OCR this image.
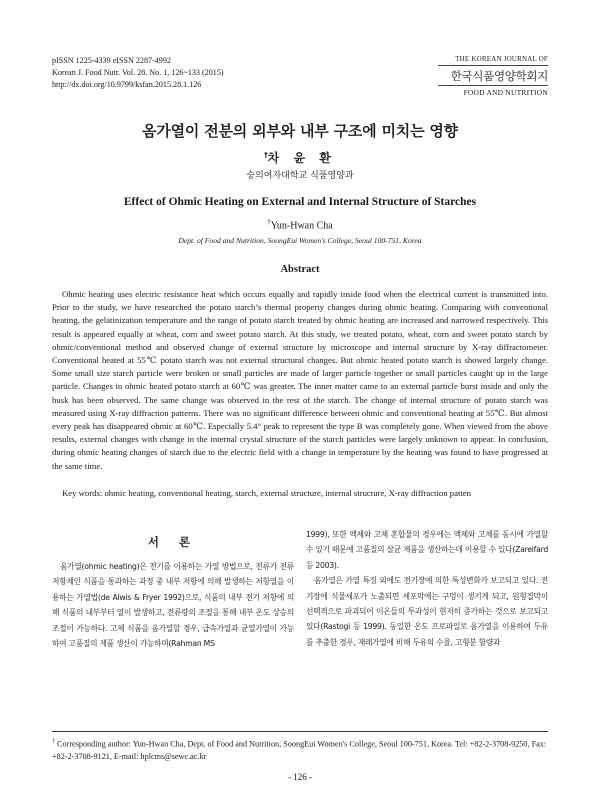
pISSN 1225-4339 eISSN 2287-4992
Korean J. Food Nutr. Vol. 28. No. 1, 126~133 (2015)
http://dx.doi.org/10.9799/ksfan.2015.28.1.126
THE KOREAN JOURNAL OF
한국식품영양학회지
FOOD AND NUTRITION
옴가열이 전분의 외부와 내부 구조에 미치는 영향
†차 윤 환
숭의여자대학교 식품영양과
Effect of Ohmic Heating on External and Internal Structure of Starches
†Yun-Hwan Cha
Dept. of Food and Nutrition, SoongEui Women's College, Seoul 100-751, Korea
Abstract

Ohmic heating uses electric resistance heat which occurs equally and rapidly inside food when the electrical current is transmitted into. Prior to the study, we have researched the potato starch’s thermal property changes during ohmic heating. Comparing with conventional heating, the gelatinization temperature and the range of potato starch treated by ohmic heating are increased and narrowed respectively. This result is appeared equally at wheat, corn and sweet potato starch. At this study, we treated potato, wheat, corn and sweet potato starch by ohmic/conventional method and observed change of external structure by microscope and internal structure by X-ray diffractometer. Conventional heated at 55℃ potato starch was not external structural changes. But ohmic heated potato starch is showed largely change. Some small size starch particle were broken or small particles are made of larger particle together or small particles caught up in the large particle. Changes in ohmic heated potato starch at 60℃ was greater. The inner matter came to an external particle burst inside and only the husk has been observed. The same change was observed in the rest of the starch. The change of internal structure of potato starch was measured using X-ray diffraction patterns. There was no significant difference between ohmic and conventional heating at 55℃. But almost every peak has disappeared ohmic at 60℃. Especially 5.4° peak to represent the type B was completely gone. When viewed from the above results, external changes with change in the internal crystal structure of the starch particles were largely unknown to appear. In conclusion, during ohmic heating changes of starch due to the electric field with a change in temperature by the heating was found to have progressed at the same time.

Key words: ohmic heating, conventional heating, starch, external structure, internal structure, X-ray diffraction patten

서 론

옴가열(ohmic heating)은 전기를 이용하는 가열 방법으로, 전류가 전류저항체인 식품을 통과하는 과정 중 내부 저항에 의해 발생하는 저항열을 이용하는 가열법(de Alwis & Fryer 1992)으로, 식품의 내부 전기 저항에 의해 식품의 내부부터 열이 발생하고, 전류량의 조절을 통해 내부 온도 상승의 조절이 가능하다. 고체 식품을 옴가열할 경우, 급속가열과 균열가열이 가능하여 고품질의 제품 생산이 가능하며(Rahman MS

1999), 또한 액체와 고체 혼합물의 경우에는 액체와 고체를 동시에 가열할 수 있기 때문에 고품질의 살균 제품을 생산하는데 이용할 수 있다(Zareifard 등 2003).

옴가열은 가열 특징 외에도 전기장에 의한 특성변화가 보고되고 있다. 전기장에 식물세포가 노출되면 세포막에는 구멍이 생기게 되고, 원형질막이 선택적으로 파괴되어 이온들의 투과성이 현저히 증가하는 것으로 보고되고 있다(Rastogi 등 1999). 동일한 온도 프로파일로 옴가열을 이용하여 두유를 추출한 경우, 재래가열에 비해 두유의 수율, 고형분 함량과

† Corresponding author: Yun-Hwan Cha, Dept. of Food and Nutrition, SoongEui Women's College, Seoul 100-751, Korea. Tel: +82-2-3708-9250, Fax: +82-2-3708-9121, E-mail: hplcms@sewc.ac.kr

- 126 -
